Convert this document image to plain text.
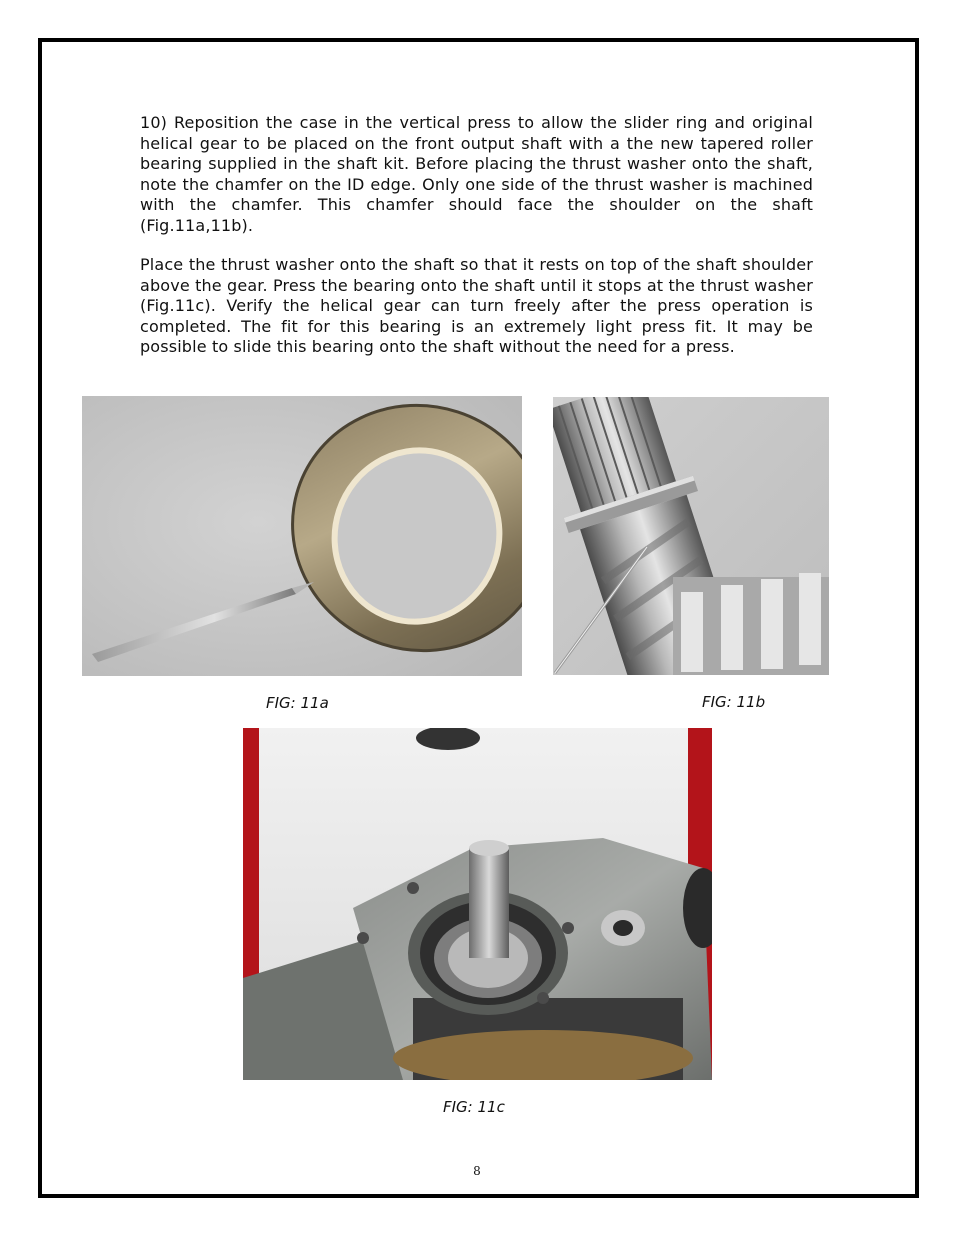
10) Reposition the case in the vertical press to allow the slider ring and original helical gear to be placed on the front output shaft with a the new tapered roller bearing supplied in the shaft kit. Before placing the thrust washer onto the shaft, note the chamfer on the ID edge. Only one side of the thrust washer is machined with the chamfer. This chamfer should face the shoulder on the shaft (Fig.11a,11b).

Place the thrust washer onto the shaft so that it rests on top of the shaft shoulder above the gear. Press the bearing onto the shaft until it stops at the thrust washer (Fig.11c). Verify the helical gear can turn freely after the press operation is completed. The fit for this bearing is an extremely light press fit. It may be possible to slide this bearing onto the shaft without the need for a press.

FIG: 11a	FIG: 11b
FIG: 11c
8
